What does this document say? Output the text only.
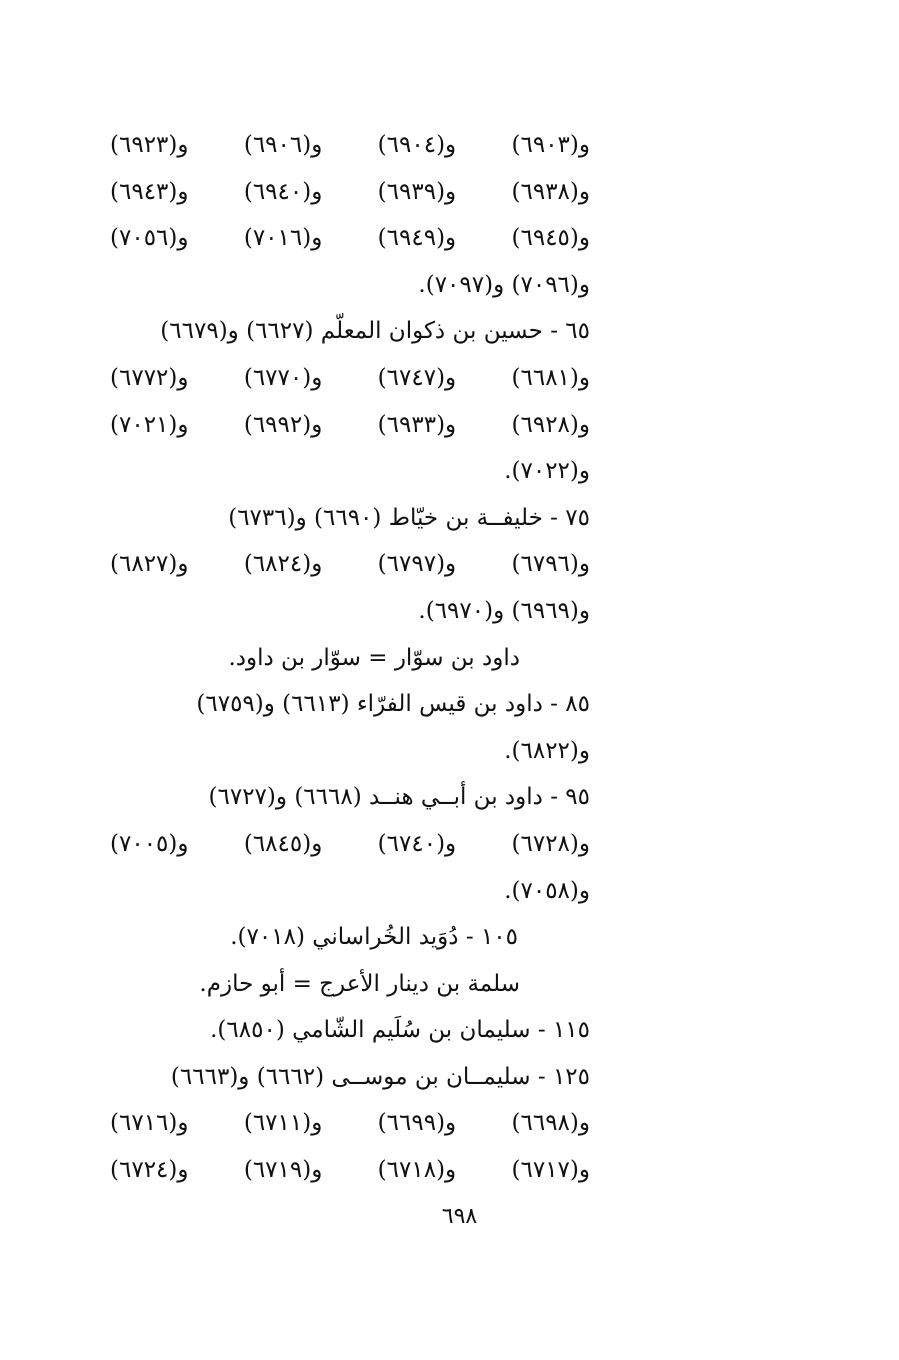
و(٦٩٠٣)
و(٦٩٠٤)
و(٦٩٠٦)
و(٦٩٢٣)
و(٦٩٣٨)
و(٦٩٣٩)
و(٦٩٤٠)
و(٦٩٤٣)
و(٦٩٤٥)
و(٦٩٤٩)
و(٧٠١٦)
و(٧٠٥٦)
و(٧٠٩٦) و(٧٠٩٧).
٦٥ - حسين بن ذكوان المعلّم (٦٦٢٧) و(٦٦٧٩)
و(٦٦٨١)
و(٦٧٤٧)
و(٦٧٧٠)
و(٦٧٧٢)
و(٦٩٢٨)
و(٦٩٣٣)
و(٦٩٩٢)
و(٧٠٢١)
و(٧٠٢٢).
٧٥ - خليفــة بن خيّاط (٦٦٩٠) و(٦٧٣٦)
و(٦٧٩٦)
و(٦٧٩٧)
و(٦٨٢٤)
و(٦٨٢٧)
و(٦٩٦٩) و(٦٩٧٠).
داود بن سوّار = سوّار بن داود.
٨٥ - داود بن قيس الفرّاء (٦٦١٣) و(٦٧٥٩)
و(٦٨٢٢).
٩٥ - داود بن أبــي هنــد (٦٦٦٨) و(٦٧٢٧)
و(٦٧٢٨)
و(٦٧٤٠)
و(٦٨٤٥)
و(٧٠٠٥)
و(٧٠٥٨).
١٠٥ - دُوَيد الخُراساني (٧٠١٨).
سلمة بن دينار الأعرج = أبو حازم.
١١٥ - سليمان بن سُلَيم الشّامي (٦٨٥٠).
١٢٥ - سليمــان بن موســى (٦٦٦٢) و(٦٦٦٣)
و(٦٦٩٨)
و(٦٦٩٩)
و(٦٧١١)
و(٦٧١٦)
و(٦٧١٧)
و(٦٧١٨)
و(٦٧١٩)
و(٦٧٢٤)
٦٩٨
